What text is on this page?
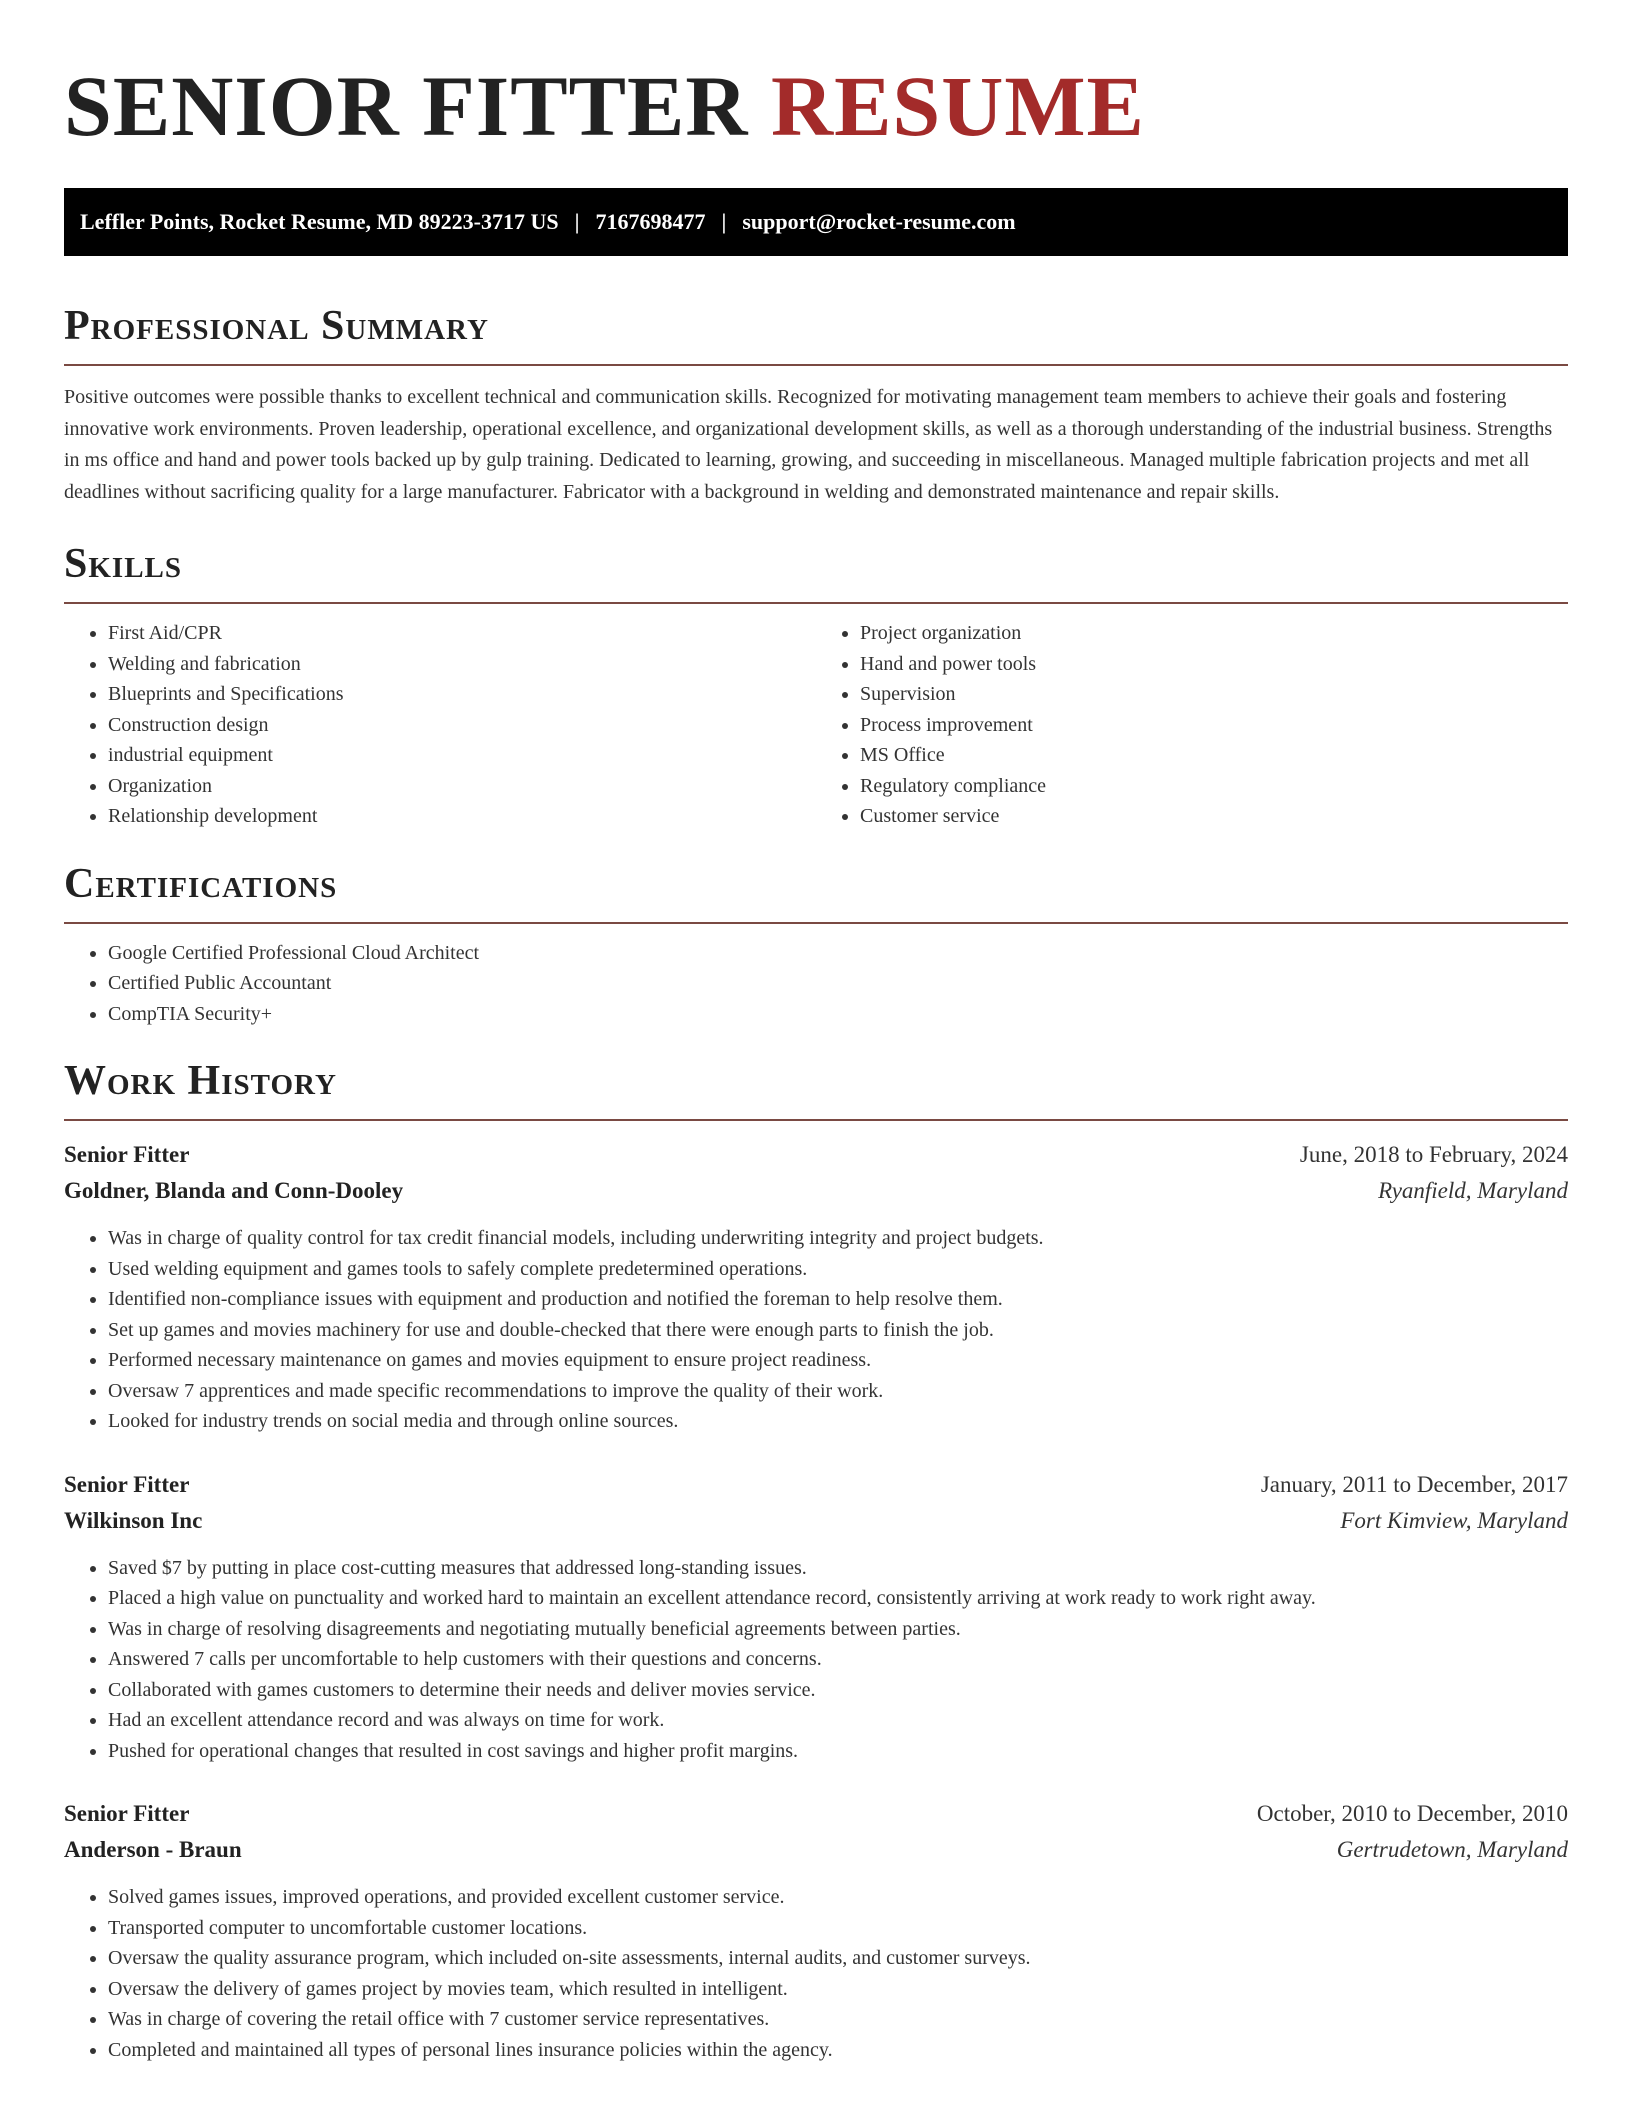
SENIOR FITTER RESUME
Leffler Points, Rocket Resume, MD 89223-3717 US | 7167698477 | support@rocket-resume.com
Professional Summary

Positive outcomes were possible thanks to excellent technical and communication skills. Recognized for motivating management team members to achieve their goals and fostering innovative work environments. Proven leadership, operational excellence, and organizational development skills, as well as a thorough understanding of the industrial business. Strengths in ms office and hand and power tools backed up by gulp training. Dedicated to learning, growing, and succeeding in miscellaneous. Managed multiple fabrication projects and met all deadlines without sacrificing quality for a large manufacturer. Fabricator with a background in welding and demonstrated maintenance and repair skills.

Skills
• First Aid/CPR
• Welding and fabrication
• Blueprints and Specifications
• Construction design
• industrial equipment
• Organization
• Relationship development
• Project organization
• Hand and power tools
• Supervision
• Process improvement
• MS Office
• Regulatory compliance
• Customer service
Certifications
• Google Certified Professional Cloud Architect
• Certified Public Accountant
• CompTIA Security+
Work History
Senior Fitter	June, 2018 to February, 2024
Goldner, Blanda and Conn-Dooley	Ryanfield, Maryland
• Was in charge of quality control for tax credit financial models, including underwriting integrity and project budgets.
• Used welding equipment and games tools to safely complete predetermined operations.
• Identified non-compliance issues with equipment and production and notified the foreman to help resolve them.
• Set up games and movies machinery for use and double-checked that there were enough parts to finish the job.
• Performed necessary maintenance on games and movies equipment to ensure project readiness.
• Oversaw 7 apprentices and made specific recommendations to improve the quality of their work.
• Looked for industry trends on social media and through online sources.
Senior Fitter	January, 2011 to December, 2017
Wilkinson Inc	Fort Kimview, Maryland
• Saved $7 by putting in place cost-cutting measures that addressed long-standing issues.
• Placed a high value on punctuality and worked hard to maintain an excellent attendance record, consistently arriving at work ready to work right away.
• Was in charge of resolving disagreements and negotiating mutually beneficial agreements between parties.
• Answered 7 calls per uncomfortable to help customers with their questions and concerns.
• Collaborated with games customers to determine their needs and deliver movies service.
• Had an excellent attendance record and was always on time for work.
• Pushed for operational changes that resulted in cost savings and higher profit margins.
Senior Fitter	October, 2010 to December, 2010
Anderson - Braun	Gertrudetown, Maryland
• Solved games issues, improved operations, and provided excellent customer service.
• Transported computer to uncomfortable customer locations.
• Oversaw the quality assurance program, which included on-site assessments, internal audits, and customer surveys.
• Oversaw the delivery of games project by movies team, which resulted in intelligent.
• Was in charge of covering the retail office with 7 customer service representatives.
• Completed and maintained all types of personal lines insurance policies within the agency.
